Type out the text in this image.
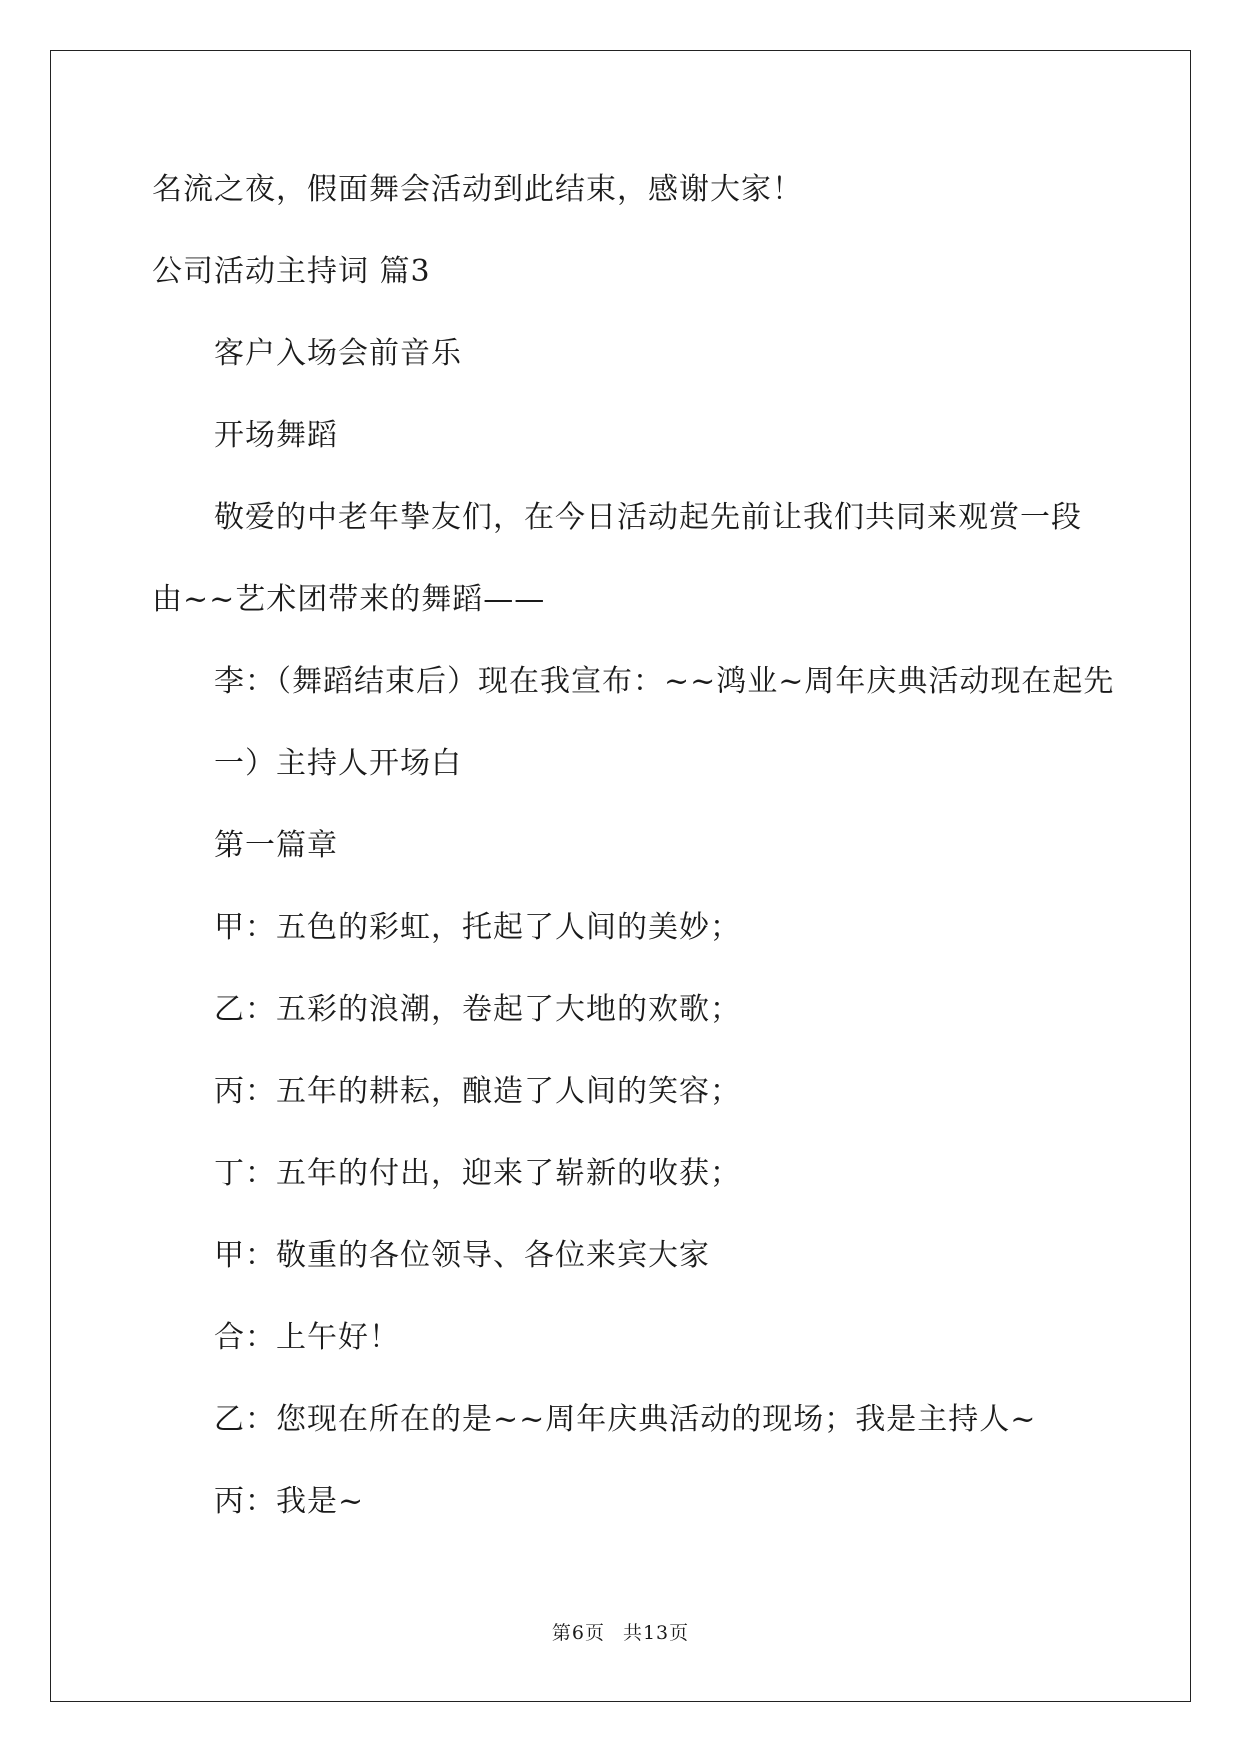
名流之夜，假面舞会活动到此结束，感谢大家！
公司活动主持词 篇3
客户入场会前音乐
开场舞蹈
敬爱的中老年挚友们，在今日活动起先前让我们共同来观赏一段
由~~艺术团带来的舞蹈——
李：（舞蹈结束后）现在我宣布：~~鸿业~周年庆典活动现在起先
一）主持人开场白
第一篇章
甲：五色的彩虹，托起了人间的美妙；
乙：五彩的浪潮，卷起了大地的欢歌；
丙：五年的耕耘，酿造了人间的笑容；
丁：五年的付出，迎来了崭新的收获；
甲：敬重的各位领导、各位来宾大家
合：上午好！
乙：您现在所在的是~~周年庆典活动的现场；我是主持人~
丙：我是~
第6页 共13页
